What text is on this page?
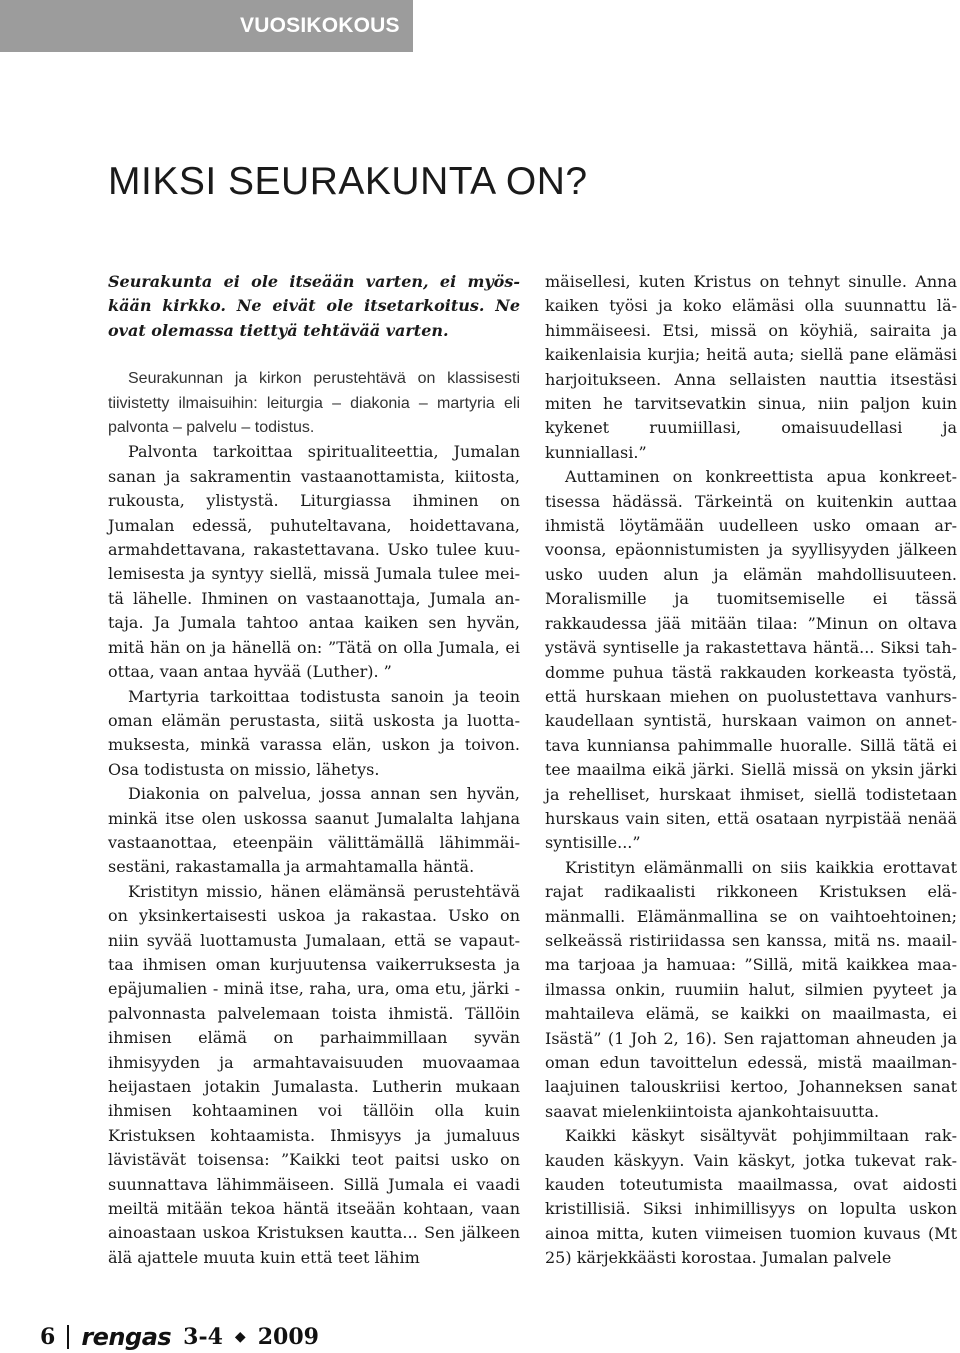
VUOSIKOKOUS
MIKSI SEURAKUNTA ON?

Seurakunta ei ole itseään varten, ei myöskään kirkko. Ne eivät ole itsetarkoitus. Ne ovat olemassa tiettyä tehtävää varten.

Seurakunnan ja kirkon perustehtävä on klassisesti tiivistetty ilmaisuihin: leiturgia – diakonia – martyria eli palvonta – palvelu – todistus.

Palvonta tarkoittaa spiritualiteettia, Jumalan sanan ja sakramentin vastaanottamista, kiitosta, rukousta, ylistystä. Liturgiassa ihminen on Jumalan edessä, puhuteltavana, hoidettavana, armahdettavana, rakastettavana. Usko tulee kuulemisesta ja syntyy siellä, missä Jumala tulee meitä lähelle. Ihminen on vastaanottaja, Jumala antaja. Ja Jumala tahtoo antaa kaiken sen hyvän, mitä hän on ja hänellä on: ”Tätä on olla Jumala, ei ottaa, vaan antaa hyvää (Luther). ”

Martyria tarkoittaa todistusta sanoin ja teoin oman elämän perustasta, siitä uskosta ja luottamuksesta, minkä varassa elän, uskon ja toivon. Osa todistusta on missio, lähetys.

Diakonia on palvelua, jossa annan sen hyvän, minkä itse olen uskossa saanut Jumalalta lahjana vastaanottaa, eteenpäin välittämällä lähimmäisestäni, rakastamalla ja armahtamalla häntä.

Kristityn missio, hänen elämänsä perustehtävä on yksinkertaisesti uskoa ja rakastaa. Usko on niin syvää luottamusta Jumalaan, että se vapauttaa ihmisen oman kurjuutensa vaikerruksesta ja epäjumalien - minä itse, raha, ura, oma etu, järki - palvonnasta palvelemaan toista ihmistä. Tällöin ihmisen elämä on parhaimmillaan syvän ihmisyyden ja armahtavaisuuden muovaamaa heijastaen jotakin Jumalasta. Lutherin mukaan ihmisen kohtaaminen voi tällöin olla kuin Kristuksen kohtaamista. Ihmisyys ja jumaluus lävistävät toisensa: ”Kaikki teot paitsi usko on suunnattava lähimmäiseen. Sillä Jumala ei vaadi meiltä mitään tekoa häntä itseään kohtaan, vaan ainoastaan uskoa Kristuksen kautta... Sen jälkeen älä ajattele muuta kuin että teet lähim

mäisellesi, kuten Kristus on tehnyt sinulle. Anna kaiken työsi ja koko elämäsi olla suunnattu lähimmäiseesi. Etsi, missä on köyhiä, sairaita ja kaikenlaisia kurjia; heitä auta; siellä pane elämäsi harjoitukseen. Anna sellaisten nauttia itsestäsi miten he tarvitsevatkin sinua, niin paljon kuin kykenet ruumiillasi, omaisuudellasi ja kunniallasi.”

Auttaminen on konkreettista apua konkreettisessa hädässä. Tärkeintä on kuitenkin auttaa ihmistä löytämään uudelleen usko omaan arvoonsa, epäonnistumisten ja syyllisyyden jälkeen usko uuden alun ja elämän mahdollisuuteen. Moralismille ja tuomitsemiselle ei tässä rakkaudessa jää mitään tilaa: ”Minun on oltava ystävä syntiselle ja rakastettava häntä... Siksi tahdomme puhua tästä rakkauden korkeasta työstä, että hurskaan miehen on puolustettava vanhurskaudellaan syntistä, hurskaan vaimon on annettava kunniansa pahimmalle huoralle. Sillä tätä ei tee maailma eikä järki. Siellä missä on yksin järki ja rehelliset, hurskaat ihmiset, siellä todistetaan hurskaus vain siten, että osataan nyrpistää nenää syntisille...”

Kristityn elämänmalli on siis kaikkia erottavat rajat radikaalisti rikkoneen Kristuksen elämänmalli. Elämänmallina se on vaihtoehtoinen; selkeässä ristiriidassa sen kanssa, mitä ns. maailma tarjoaa ja hamuaa: ”Sillä, mitä kaikkea maailmassa onkin, ruumiin halut, silmien pyyteet ja mahtaileva elämä, se kaikki on maailmasta, ei Isästä” (1 Joh 2, 16). Sen rajattoman ahneuden ja oman edun tavoittelun edessä, mistä maailmanlaajuinen talouskriisi kertoo, Johanneksen sanat saavat mielenkiintoista ajankohtaisuutta.

Kaikki käskyt sisältyvät pohjimmiltaan rakkauden käskyyn. Vain käskyt, jotka tukevat rakkauden toteutumista maailmassa, ovat aidosti kristillisiä. Siksi inhimillisyys on lopulta uskon ainoa mitta, kuten viimeisen tuomion kuvaus (Mt 25) kärjekkäästi korostaa. Jumalan palvele

6 rengas 3-4 ◆ 2009
